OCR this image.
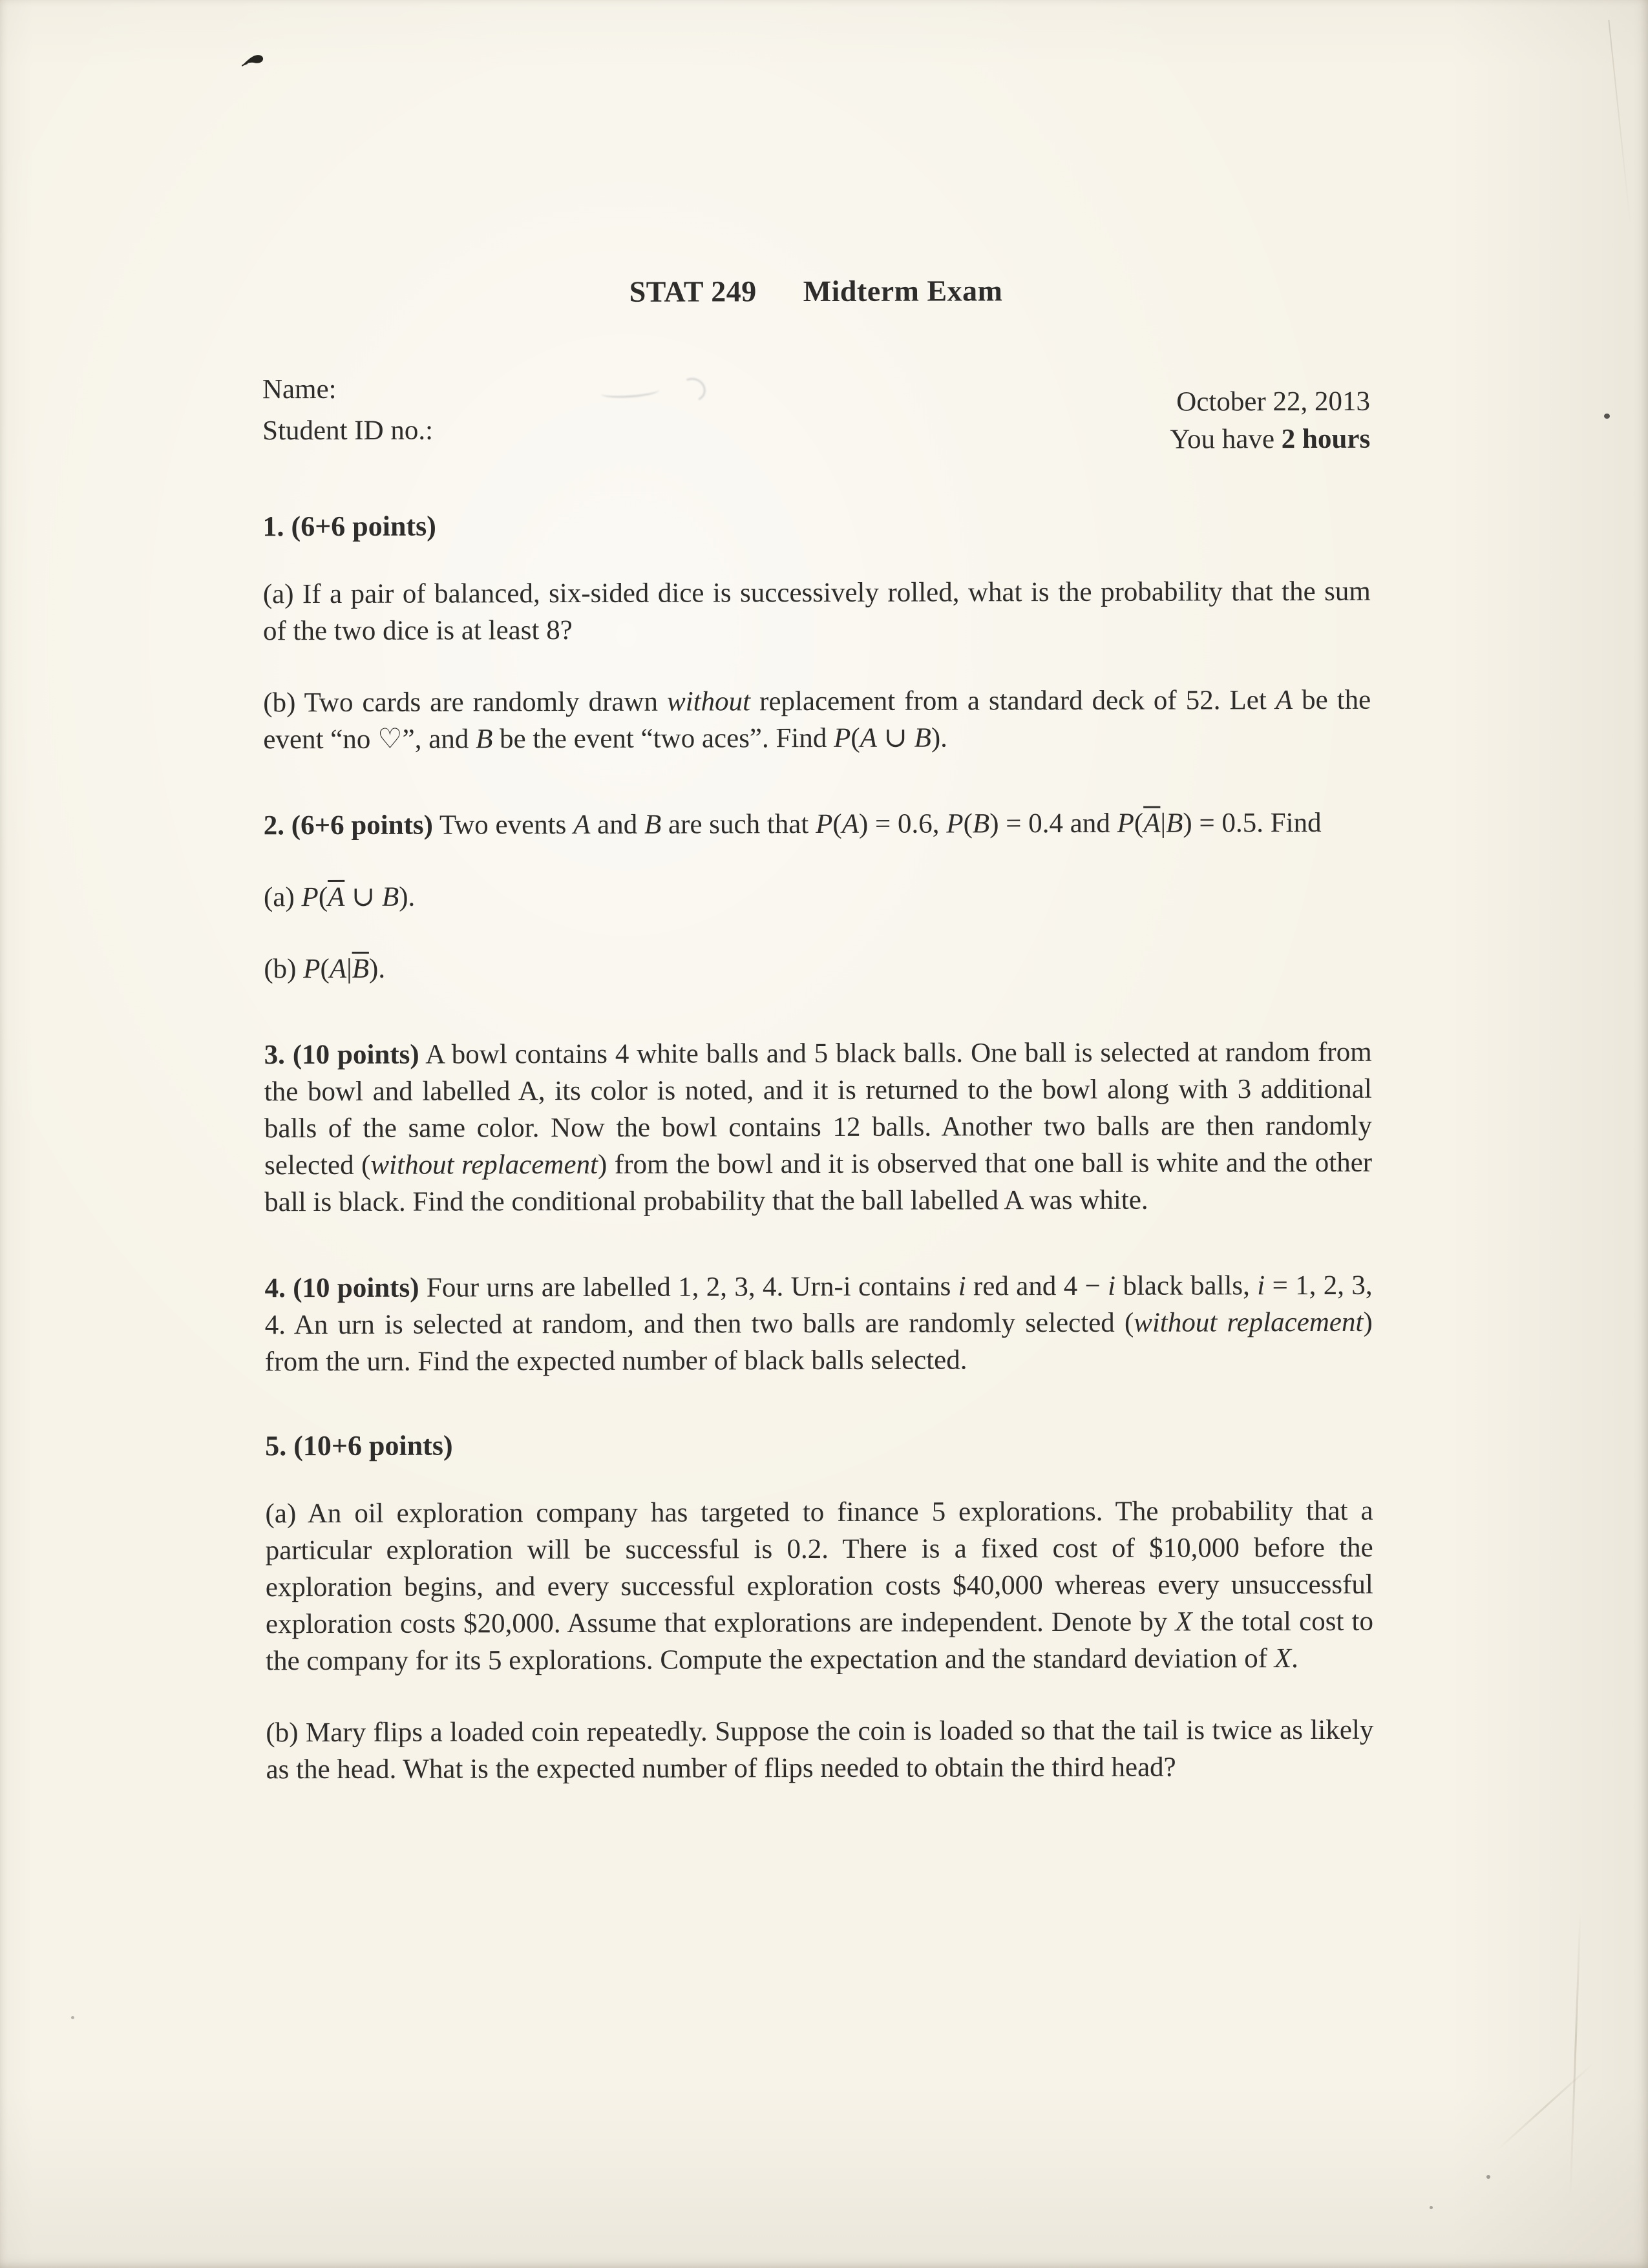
STAT 249 Midterm Exam
Name:
Student ID no.:
October 22, 2013
You have 2 hours
1. (6+6 points)

(a) If a pair of balanced, six-sided dice is successively rolled, what is the probability that the sum of the two dice is at least 8?

(b) Two cards are randomly drawn without replacement from a standard deck of 52. Let A be the event “no ♡”, and B be the event “two aces”. Find P(A ∪ B).

2. (6+6 points) Two events A and B are such that P(A) = 0.6, P(B) = 0.4 and $P(\overline{A}|B) = 0.5$. Find

(a) $P(\overline{A}$ ∪ B).

(b) $P(A|\overline{B})$.

3. (10 points) A bowl contains 4 white balls and 5 black balls. One ball is selected at random from the bowl and labelled A, its color is noted, and it is returned to the bowl along with 3 additional balls of the same color. Now the bowl contains 12 balls. Another two balls are then randomly selected (without replacement) from the bowl and it is observed that one ball is white and the other ball is black. Find the conditional probability that the ball labelled A was white.

4. (10 points) Four urns are labelled 1, 2, 3, 4. Urn-i contains i red and 4 − i black balls, i = 1, 2, 3, 4. An urn is selected at random, and then two balls are randomly selected (without replacement) from the urn. Find the expected number of black balls selected.

5. (10+6 points)

(a) An oil exploration company has targeted to finance 5 explorations. The probability that a particular exploration will be successful is 0.2. There is a fixed cost of $10,000 before the exploration begins, and every successful exploration costs $40,000 whereas every unsuccessful exploration costs $20,000. Assume that explorations are independent. Denote by X the total cost to the company for its 5 explorations. Compute the expectation and the standard deviation of X.

(b) Mary flips a loaded coin repeatedly. Suppose the coin is loaded so that the tail is twice as likely as the head. What is the expected number of flips needed to obtain the third head?
